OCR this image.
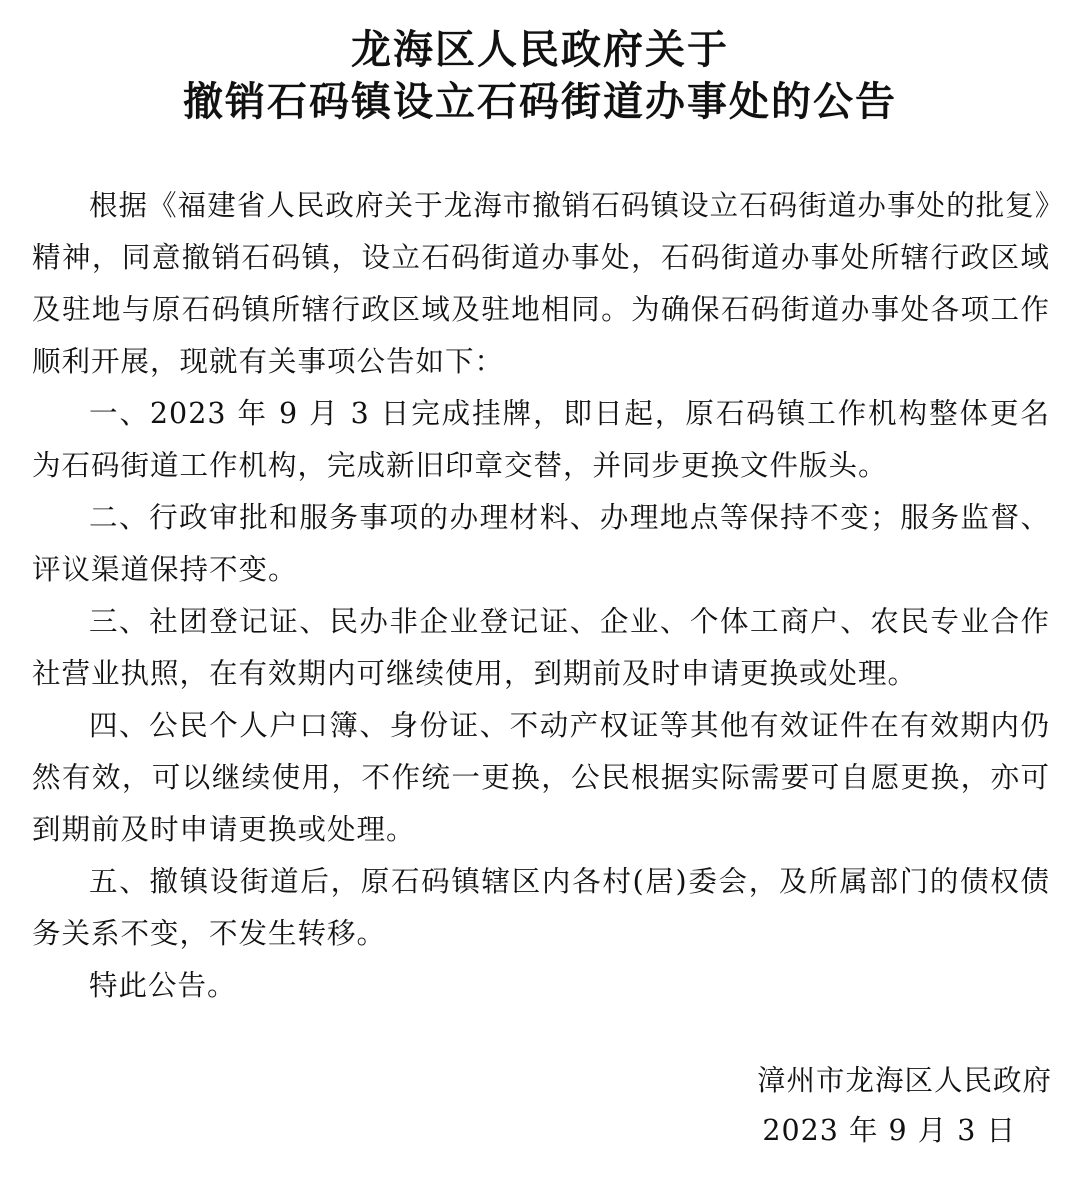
龙海区人民政府关于
撤销石码镇设立石码街道办事处的公告

根据《福建省人民政府关于龙海市撤销石码镇设立石码街道办事处的批复》精神，同意撤销石码镇，设立石码街道办事处，石码街道办事处所辖行政区域及驻地与原石码镇所辖行政区域及驻地相同。为确保石码街道办事处各项工作顺利开展，现就有关事项公告如下：

一、2023 年 9 月 3 日完成挂牌，即日起，原石码镇工作机构整体更名为石码街道工作机构，完成新旧印章交替，并同步更换文件版头。

二、行政审批和服务事项的办理材料、办理地点等保持不变；服务监督、评议渠道保持不变。

三、社团登记证、民办非企业登记证、企业、个体工商户、农民专业合作社营业执照，在有效期内可继续使用，到期前及时申请更换或处理。

四、公民个人户口簿、身份证、不动产权证等其他有效证件在有效期内仍然有效，可以继续使用，不作统一更换，公民根据实际需要可自愿更换，亦可到期前及时申请更换或处理。

五、撤镇设街道后，原石码镇辖区内各村(居)委会，及所属部门的债权债务关系不变，不发生转移。

特此公告。

漳州市龙海区人民政府
2023 年 9 月 3 日
